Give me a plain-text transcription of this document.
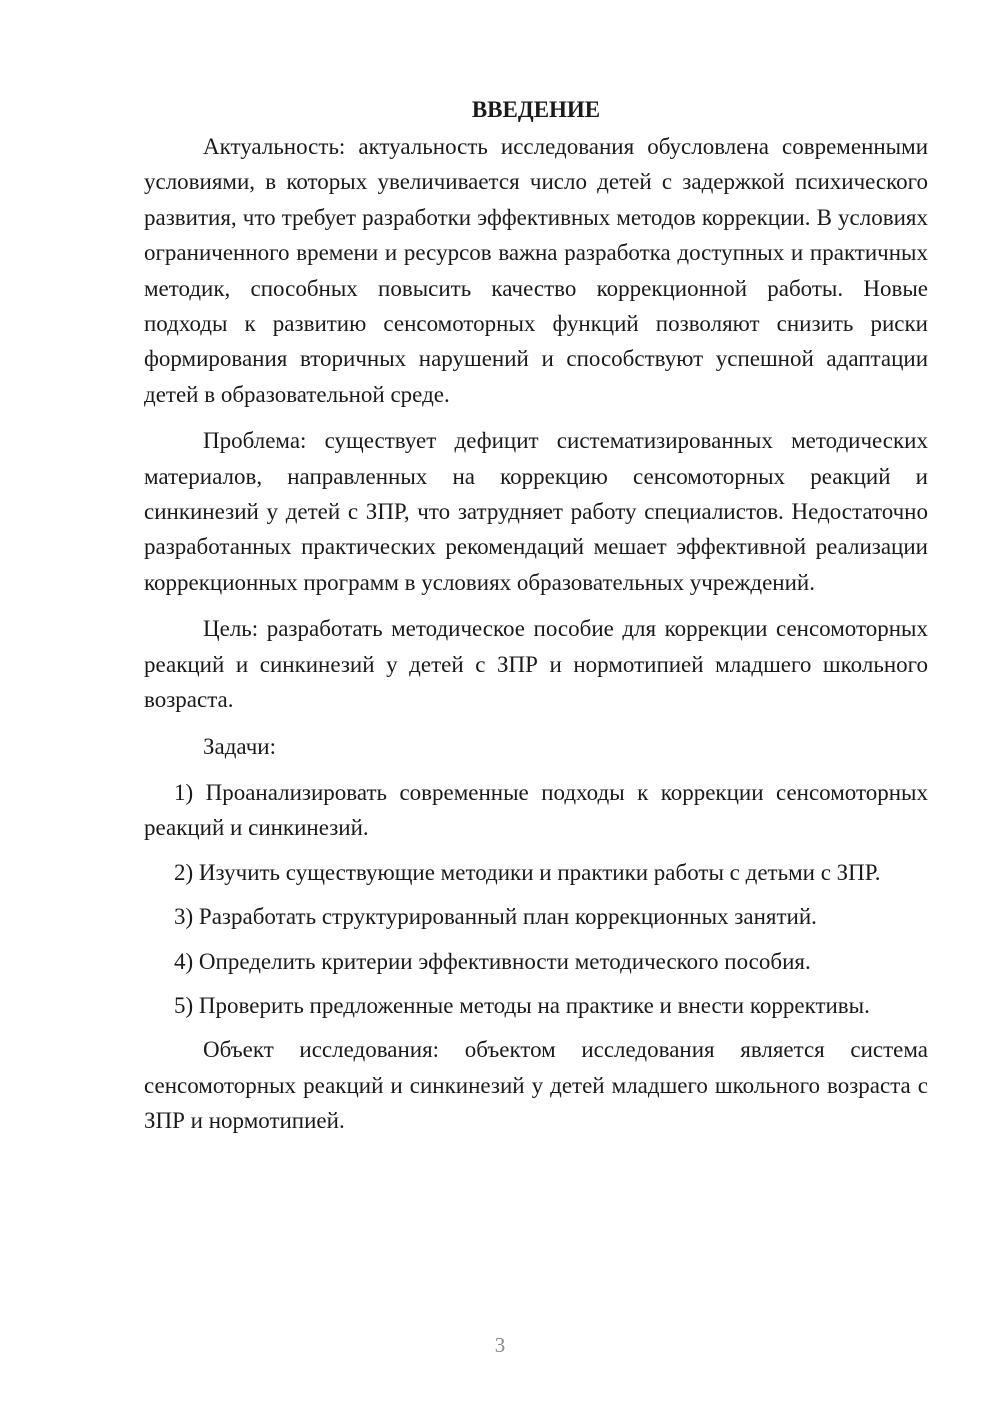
ВВЕДЕНИЕ

Актуальность: актуальность исследования обусловлена современными условиями, в которых увеличивается число детей с задержкой психического развития, что требует разработки эффективных методов коррекции. В условиях ограниченного времени и ресурсов важна разработка доступных и практичных методик, способных повысить качество коррекционной работы. Новые подходы к развитию сенсомоторных функций позволяют снизить риски формирования вторичных нарушений и способствуют успешной адаптации детей в образовательной среде.

Проблема: существует дефицит систематизированных методических материалов, направленных на коррекцию сенсомоторных реакций и синкинезий у детей с ЗПР, что затрудняет работу специалистов. Недостаточно разработанных практических рекомендаций мешает эффективной реализации коррекционных программ в условиях образовательных учреждений.

Цель: разработать методическое пособие для коррекции сенсомоторных реакций и синкинезий у детей с ЗПР и нормотипией младшего школьного возраста.

Задачи:

1) Проанализировать современные подходы к коррекции сенсомоторных реакций и синкинезий.

2) Изучить существующие методики и практики работы с детьми с ЗПР.

3) Разработать структурированный план коррекционных занятий.

4) Определить критерии эффективности методического пособия.

5) Проверить предложенные методы на практике и внести коррективы.

Объект исследования: объектом исследования является система сенсомоторных реакций и синкинезий у детей младшего школьного возраста с ЗПР и нормотипией.

3
